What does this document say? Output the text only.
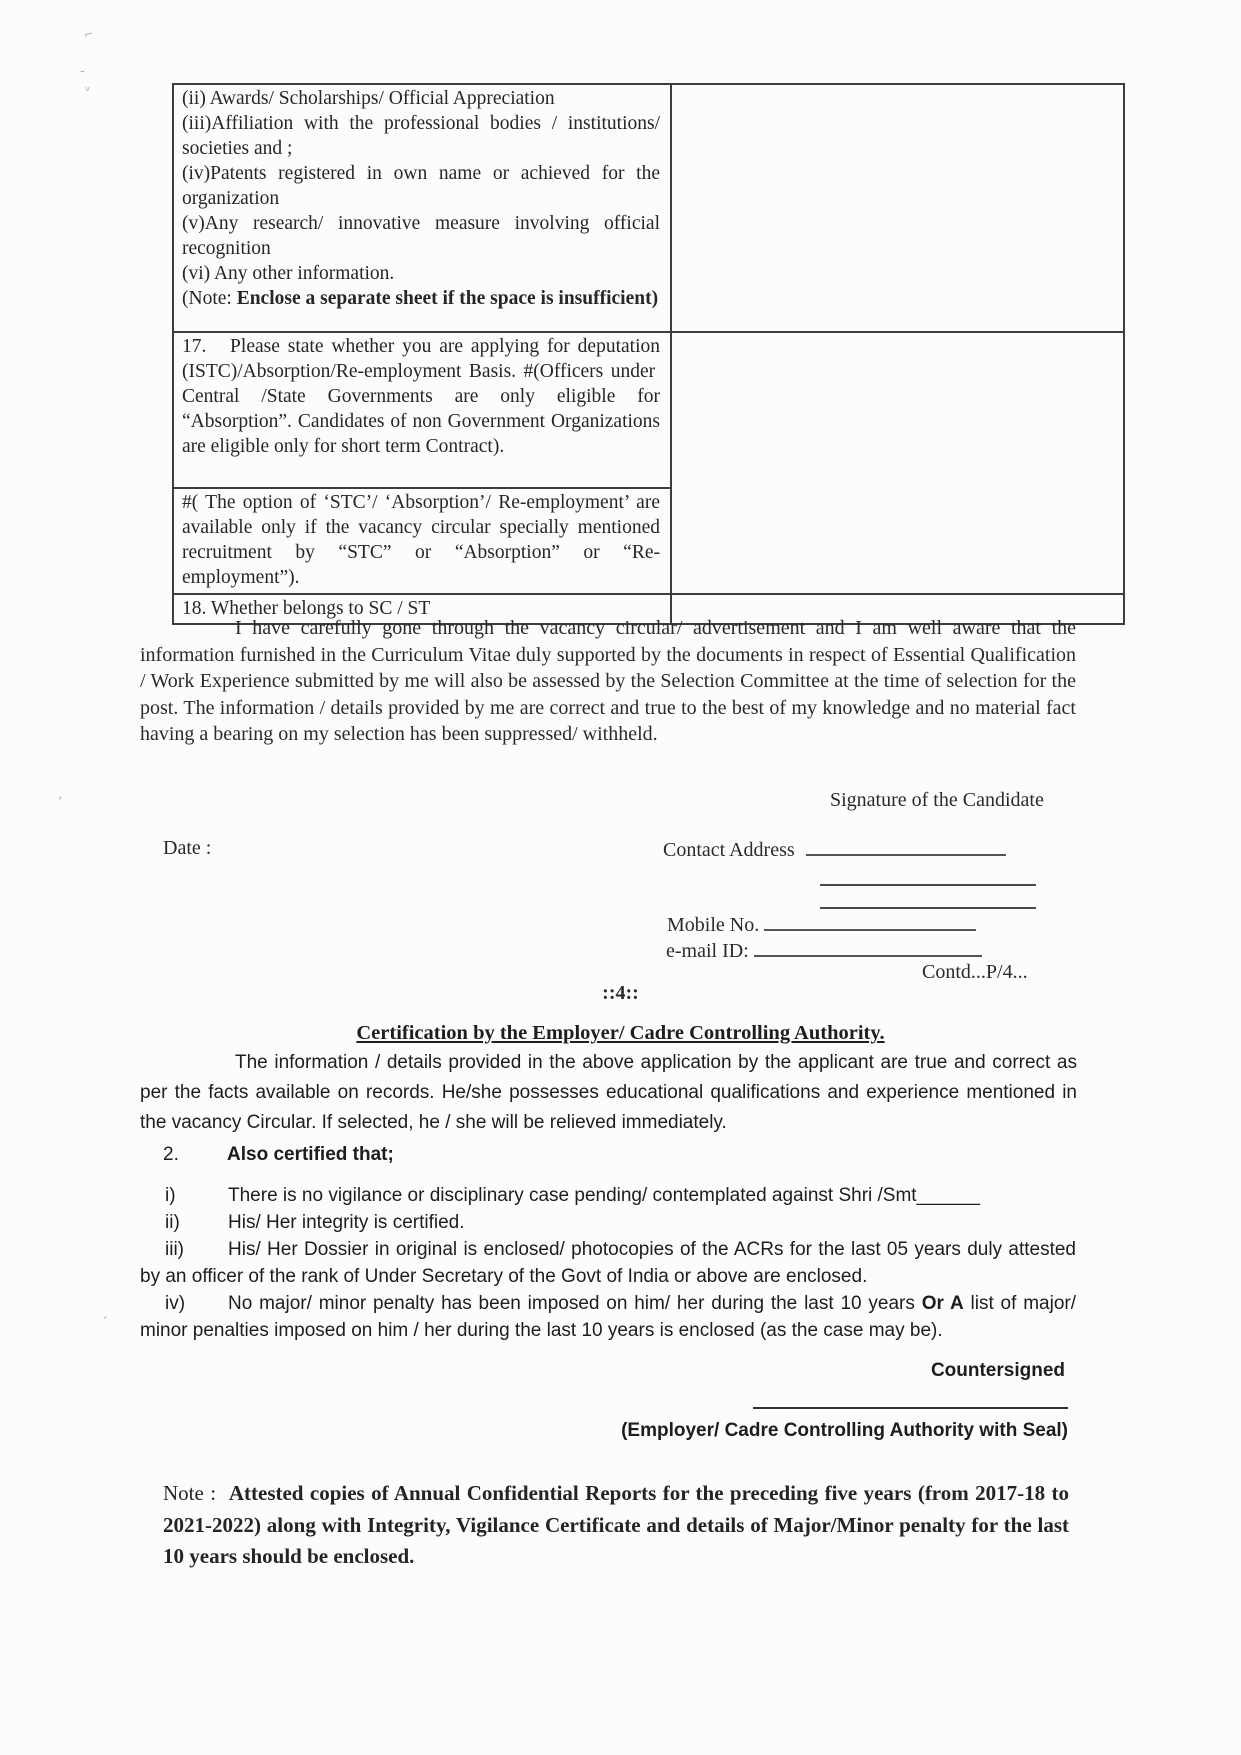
⌐
‐
ᵥ
’
´

(ii) Awards/ Scholarships/ Official Appreciation

(iii)Affiliation with the professional bodies / institutions/ societies and ;

(iv)Patents registered in own name or achieved for the organization

(v)Any research/ innovative measure involving official recognition

(vi) Any other information.

(Note: Enclose a separate sheet if the space is insufficient)

17.   Please state whether you are applying for deputation (ISTC)/Absorption/Re-employment Basis. #(Officers under  Central /State Governments are only eligible for “Absorption”. Candidates of non Government Organizations are eligible only for short term Contract).	

#( The option of ‘STC’/ ‘Absorption’/ Re-employment’ are available only if the vacancy circular specially mentioned recruitment by “STC” or “Absorption” or “Re-employment”).	

18. Whether belongs to SC / ST	

I have carefully gone through the vacancy circular/ advertisement and I am well aware that the information furnished in the Curriculum Vitae duly supported by the documents in respect of Essential Qualification / Work Experience submitted by me will also be assessed by the Selection Committee at the time of selection for the post. The information / details provided by me are correct and true to the best of my knowledge and no material fact having a bearing on my selection has been suppressed/ withheld.

Signature of the Candidate

Date :	Contact Address

Mobile No.

e-mail ID:

Contd...P/4...

::4::

Certification by the Employer/ Cadre Controlling Authority.

The information / details provided in the above application by the applicant are true and correct as per the facts available on records. He/she possesses educational qualifications and experience mentioned in the vacancy Circular. If selected, he / she will be relieved immediately.

2.	Also certified that;

i)	There is no vigilance or disciplinary case pending/ contemplated against Shri /Smt______

ii)	His/ Her integrity is certified.

iii) His/ Her Dossier in original is enclosed/ photocopies of the ACRs for the last 05 years duly attested by an officer of the rank of Under Secretary of the Govt of India or above are enclosed.

iv) No major/ minor penalty has been imposed on him/ her during the last 10 years Or A list of major/ minor penalties imposed on him / her during the last 10 years is enclosed (as the case may be).

Countersigned

(Employer/ Cadre Controlling Authority with Seal)

Note :  Attested copies of Annual Confidential Reports for the preceding five years (from 2017-18 to 2021-2022) along with Integrity, Vigilance Certificate and details of Major/Minor penalty for the last 10 years should be enclosed.
